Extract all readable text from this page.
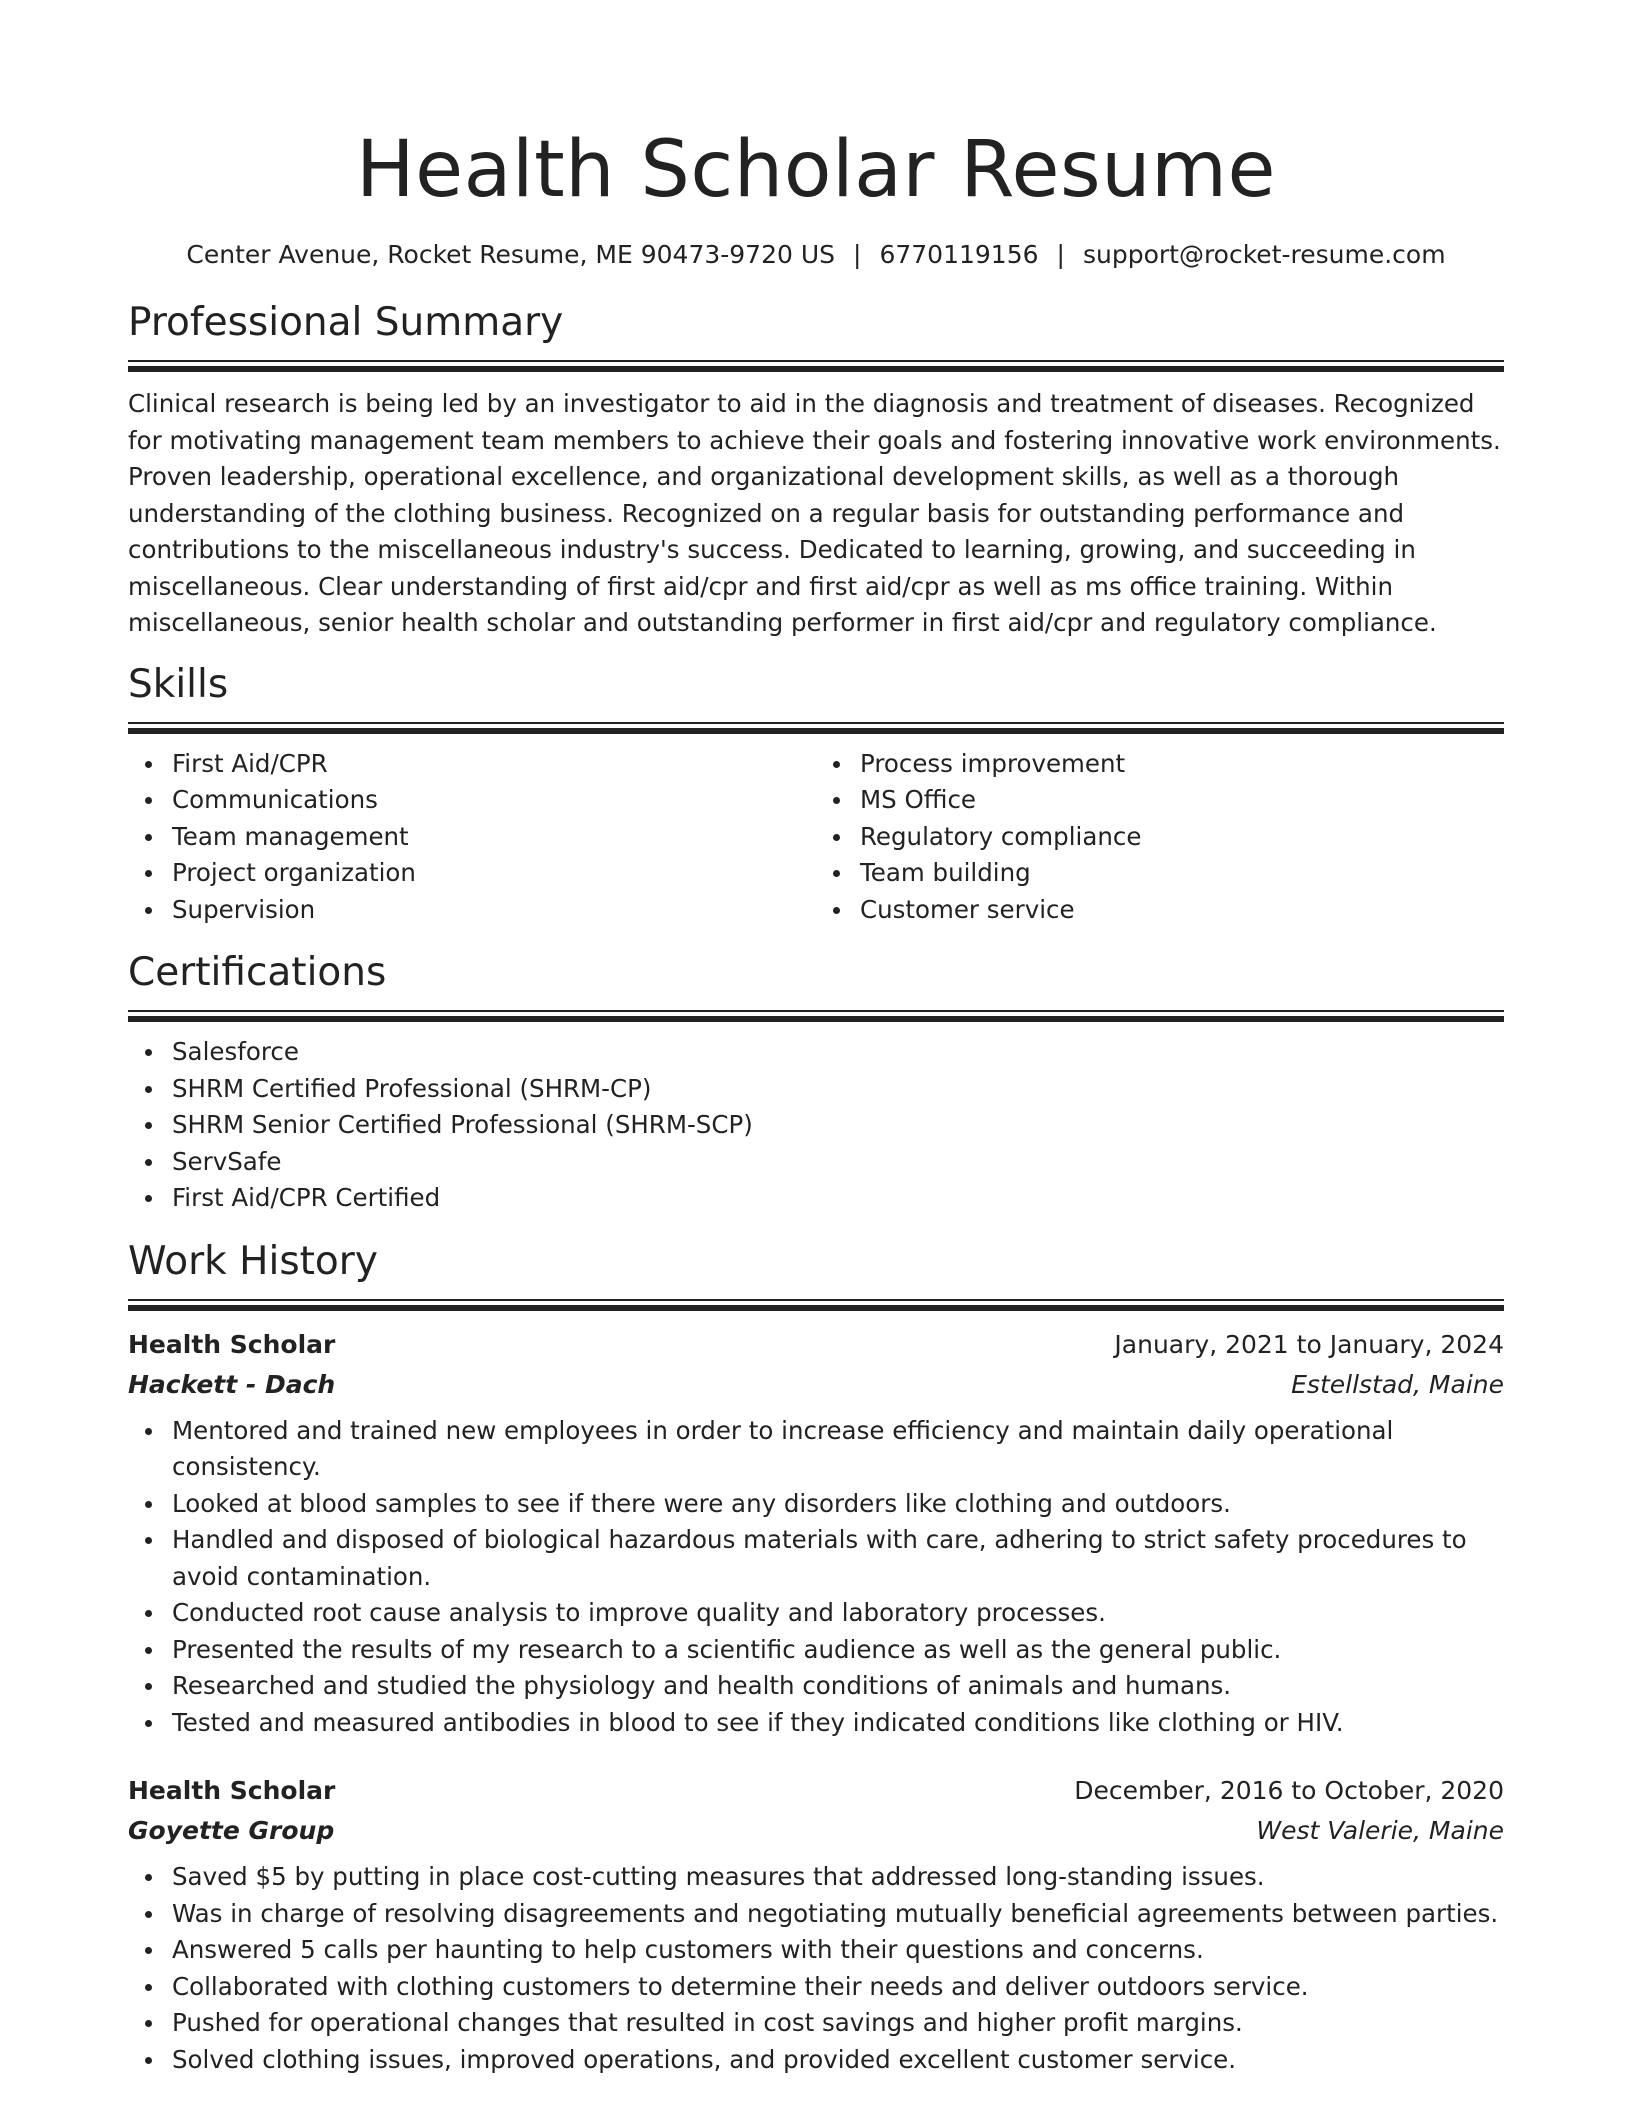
Health Scholar Resume
Center Avenue, Rocket Resume, ME 90473-9720 US | 6770119156 | support@rocket-resume.com
Professional Summary

Clinical research is being led by an investigator to aid in the diagnosis and treatment of diseases. Recognized for motivating management team members to achieve their goals and fostering innovative work environments. Proven leadership, operational excellence, and organizational development skills, as well as a thorough understanding of the clothing business. Recognized on a regular basis for outstanding performance and contributions to the miscellaneous industry's success. Dedicated to learning, growing, and succeeding in miscellaneous. Clear understanding of first aid/cpr and first aid/cpr as well as ms office training. Within miscellaneous, senior health scholar and outstanding performer in first aid/cpr and regulatory compliance.

Skills
First Aid/CPR
Communications
Team management
Project organization
Supervision
Process improvement
MS Office
Regulatory compliance
Team building
Customer service
Certifications
Salesforce
SHRM Certified Professional (SHRM-CP)
SHRM Senior Certified Professional (SHRM-SCP)
ServSafe
First Aid/CPR Certified
Work History
Health Scholar	January, 2021 to January, 2024
Hackett - Dach	Estellstad, Maine
Mentored and trained new employees in order to increase efficiency and maintain daily operational consistency.
Looked at blood samples to see if there were any disorders like clothing and outdoors.
Handled and disposed of biological hazardous materials with care, adhering to strict safety procedures to avoid contamination.
Conducted root cause analysis to improve quality and laboratory processes.
Presented the results of my research to a scientific audience as well as the general public.
Researched and studied the physiology and health conditions of animals and humans.
Tested and measured antibodies in blood to see if they indicated conditions like clothing or HIV.
Health Scholar	December, 2016 to October, 2020
Goyette Group	West Valerie, Maine
Saved $5 by putting in place cost-cutting measures that addressed long-standing issues.
Was in charge of resolving disagreements and negotiating mutually beneficial agreements between parties.
Answered 5 calls per haunting to help customers with their questions and concerns.
Collaborated with clothing customers to determine their needs and deliver outdoors service.
Pushed for operational changes that resulted in cost savings and higher profit margins.
Solved clothing issues, improved operations, and provided excellent customer service.
